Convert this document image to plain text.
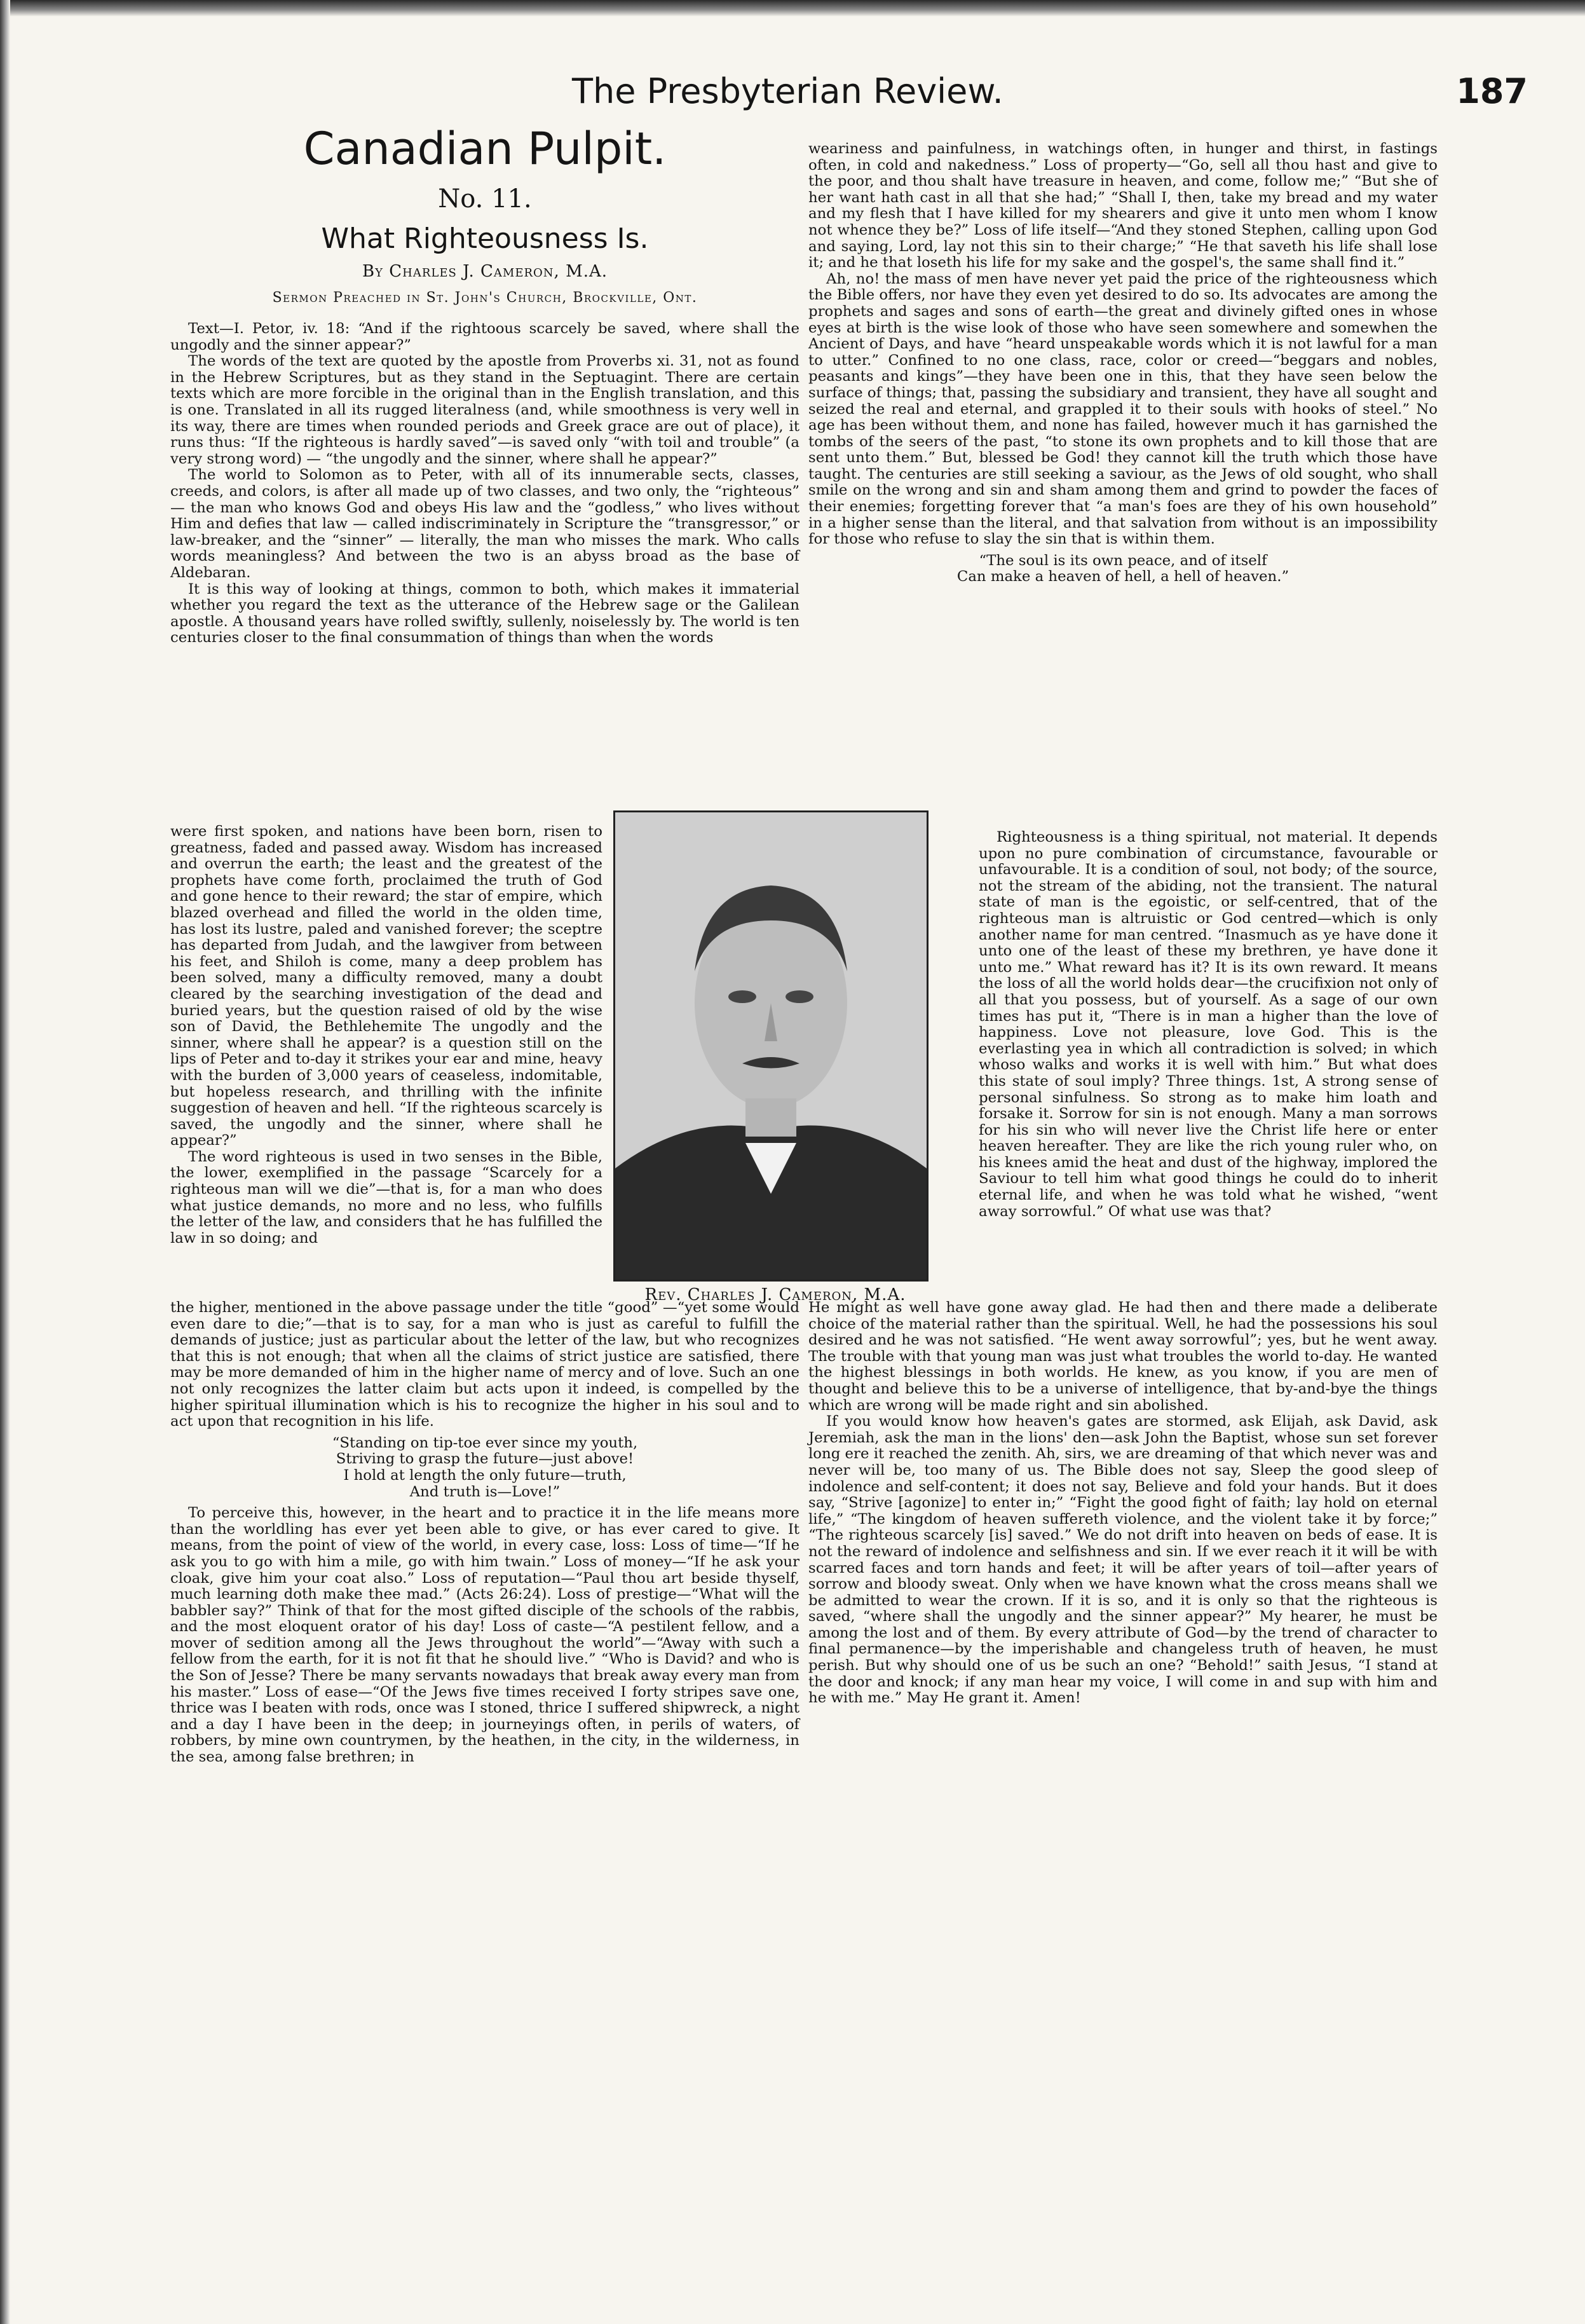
The Presbyterian Review.	187
Canadian Pulpit.
No. 11.
What Righteousness Is.
By Charles J. Cameron, M.A.
Sermon Preached in St. John's Church, Brockville, Ont.

Text—I. Petor, iv. 18: “And if the rightoous scarcely be saved, where shall the ungodly and the sinner appear?”

The words of the text are quoted by the apostle from Proverbs xi. 31, not as found in the Hebrew Scriptures, but as they stand in the Septuagint. There are certain texts which are more forcible in the original than in the English translation, and this is one. Translated in all its rugged literalness (and, while smoothness is very well in its way, there are times when rounded periods and Greek grace are out of place), it runs thus: “If the righteous is hardly saved”—is saved only “with toil and trouble” (a very strong word) — “the ungodly and the sinner, where shall he appear?”

The world to Solomon as to Peter, with all of its innumerable sects, classes, creeds, and colors, is after all made up of two classes, and two only, the “righteous” — the man who knows God and obeys His law and the “godless,” who lives without Him and defies that law — called indiscriminately in Scripture the “transgressor,” or law-breaker, and the “sinner” — literally, the man who misses the mark. Who calls words meaningless? And between the two is an abyss broad as the base of Aldebaran.

It is this way of looking at things, common to both, which makes it immaterial whether you regard the text as the utterance of the Hebrew sage or the Galilean apostle. A thousand years have rolled swiftly, sullenly, noiselessly by. The world is ten centuries closer to the final consummation of things than when the words

were first spoken, and nations have been born, risen to greatness, faded and passed away. Wisdom has increased and overrun the earth; the least and the greatest of the prophets have come forth, proclaimed the truth of God and gone hence to their reward; the star of empire, which blazed overhead and filled the world in the olden time, has lost its lustre, paled and vanished forever; the sceptre has departed from Judah, and the lawgiver from between his feet, and Shiloh is come, many a deep problem has been solved, many a difficulty removed, many a doubt cleared by the searching investigation of the dead and buried years, but the question raised of old by the wise son of David, the Bethlehemite The ungodly and the sinner, where shall he appear? is a question still on the lips of Peter and to-day it strikes your ear and mine, heavy with the burden of 3,000 years of ceaseless, indomitable, but hopeless research, and thrilling with the infinite suggestion of heaven and hell. “If the righteous scarcely is saved, the ungodly and the sinner, where shall he appear?”

The word righteous is used in two senses in the Bible, the lower, exemplified in the passage “Scarcely for a righteous man will we die”—that is, for a man who does what justice demands, no more and no less, who fulfills the letter of the law, and considers that he has fulfilled the law in so doing; and

Rev. Charles J. Cameron, M.A.

the higher, mentioned in the above passage under the title “good” —“yet some would even dare to die;”—that is to say, for a man who is just as careful to fulfill the demands of justice; just as particular about the letter of the law, but who recognizes that this is not enough; that when all the claims of strict justice are satisfied, there may be more demanded of him in the higher name of mercy and of love. Such an one not only recognizes the latter claim but acts upon it indeed, is compelled by the higher spiritual illumination which is his to recognize the higher in his soul and to act upon that recognition in his life.

“Standing on tip-toe ever since my youth,
Striving to grasp the future—just above!
I hold at length the only future—truth,
And truth is—Love!”

To perceive this, however, in the heart and to practice it in the life means more than the worldling has ever yet been able to give, or has ever cared to give. It means, from the point of view of the world, in every case, loss: Loss of time—“If he ask you to go with him a mile, go with him twain.” Loss of money—“If he ask your cloak, give him your coat also.” Loss of reputation—“Paul thou art beside thyself, much learning doth make thee mad.” (Acts 26:24). Loss of prestige—“What will the babbler say?” Think of that for the most gifted disciple of the schools of the rabbis, and the most eloquent orator of his day! Loss of caste—“A pestilent fellow, and a mover of sedition among all the Jews throughout the world”—“Away with such a fellow from the earth, for it is not fit that he should live.” “Who is David? and who is the Son of Jesse? There be many servants nowadays that break away every man from his master.” Loss of ease—“Of the Jews five times received I forty stripes save one, thrice was I beaten with rods, once was I stoned, thrice I suffered shipwreck, a night and a day I have been in the deep; in journeyings often, in perils of waters, of robbers, by mine own countrymen, by the heathen, in the city, in the wilderness, in the sea, among false brethren; in

weariness and painfulness, in watchings often, in hunger and thirst, in fastings often, in cold and nakedness.” Loss of property—“Go, sell all thou hast and give to the poor, and thou shalt have treasure in heaven, and come, follow me;” “But she of her want hath cast in all that she had;” “Shall I, then, take my bread and my water and my flesh that I have killed for my shearers and give it unto men whom I know not whence they be?” Loss of life itself—“And they stoned Stephen, calling upon God and saying, Lord, lay not this sin to their charge;” “He that saveth his life shall lose it; and he that loseth his life for my sake and the gospel's, the same shall find it.”

Ah, no! the mass of men have never yet paid the price of the righteousness which the Bible offers, nor have they even yet desired to do so. Its advocates are among the prophets and sages and sons of earth—the great and divinely gifted ones in whose eyes at birth is the wise look of those who have seen somewhere and somewhen the Ancient of Days, and have “heard unspeakable words which it is not lawful for a man to utter.” Confined to no one class, race, color or creed—“beggars and nobles, peasants and kings”—they have been one in this, that they have seen below the surface of things; that, passing the subsidiary and transient, they have all sought and seized the real and eternal, and grappled it to their souls with hooks of steel.” No age has been without them, and none has failed, however much it has garnished the tombs of the seers of the past, “to stone its own prophets and to kill those that are sent unto them.” But, blessed be God! they cannot kill the truth which those have taught. The centuries are still seeking a saviour, as the Jews of old sought, who shall smile on the wrong and sin and sham among them and grind to powder the faces of their enemies; forgetting forever that “a man's foes are they of his own household” in a higher sense than the literal, and that salvation from without is an impossibility for those who refuse to slay the sin that is within them.

“The soul is its own peace, and of itself
Can make a heaven of hell, a hell of heaven.”

Righteousness is a thing spiritual, not material. It depends upon no pure combination of circumstance, favourable or unfavourable. It is a condition of soul, not body; of the source, not the stream of the abiding, not the transient. The natural state of man is the egoistic, or self-centred, that of the righteous man is altruistic or God centred—which is only another name for man centred. “Inasmuch as ye have done it unto one of the least of these my brethren, ye have done it unto me.” What reward has it? It is its own reward. It means the loss of all the world holds dear—the crucifixion not only of all that you possess, but of yourself. As a sage of our own times has put it, “There is in man a higher than the love of happiness. Love not pleasure, love God. This is the everlasting yea in which all contradiction is solved; in which whoso walks and works it is well with him.” But what does this state of soul imply? Three things. 1st, A strong sense of personal sinfulness. So strong as to make him loath and forsake it. Sorrow for sin is not enough. Many a man sorrows for his sin who will never live the Christ life here or enter heaven hereafter. They are like the rich young ruler who, on his knees amid the heat and dust of the highway, implored the Saviour to tell him what good things he could do to inherit eternal life, and when he was told what he wished, “went away sorrowful.” Of what use was that?

He might as well have gone away glad. He had then and there made a deliberate choice of the material rather than the spiritual. Well, he had the possessions his soul desired and he was not satisfied. “He went away sorrowful”; yes, but he went away. The trouble with that young man was just what troubles the world to-day. He wanted the highest blessings in both worlds. He knew, as you know, if you are men of thought and believe this to be a universe of intelligence, that by-and-bye the things which are wrong will be made right and sin abolished.

If you would know how heaven's gates are stormed, ask Elijah, ask David, ask Jeremiah, ask the man in the lions' den—ask John the Baptist, whose sun set forever long ere it reached the zenith. Ah, sirs, we are dreaming of that which never was and never will be, too many of us. The Bible does not say, Sleep the good sleep of indolence and self-content; it does not say, Believe and fold your hands. But it does say, “Strive [agonize] to enter in;” “Fight the good fight of faith; lay hold on eternal life,” “The kingdom of heaven suffereth violence, and the violent take it by force;” “The righteous scarcely [is] saved.” We do not drift into heaven on beds of ease. It is not the reward of indolence and selfishness and sin. If we ever reach it it will be with scarred faces and torn hands and feet; it will be after years of toil—after years of sorrow and bloody sweat. Only when we have known what the cross means shall we be admitted to wear the crown. If it is so, and it is only so that the righteous is saved, “where shall the ungodly and the sinner appear?” My hearer, he must be among the lost and of them. By every attribute of God—by the trend of character to final permanence—by the imperishable and changeless truth of heaven, he must perish. But why should one of us be such an one? “Behold!” saith Jesus, “I stand at the door and knock; if any man hear my voice, I will come in and sup with him and he with me.” May He grant it. Amen!
